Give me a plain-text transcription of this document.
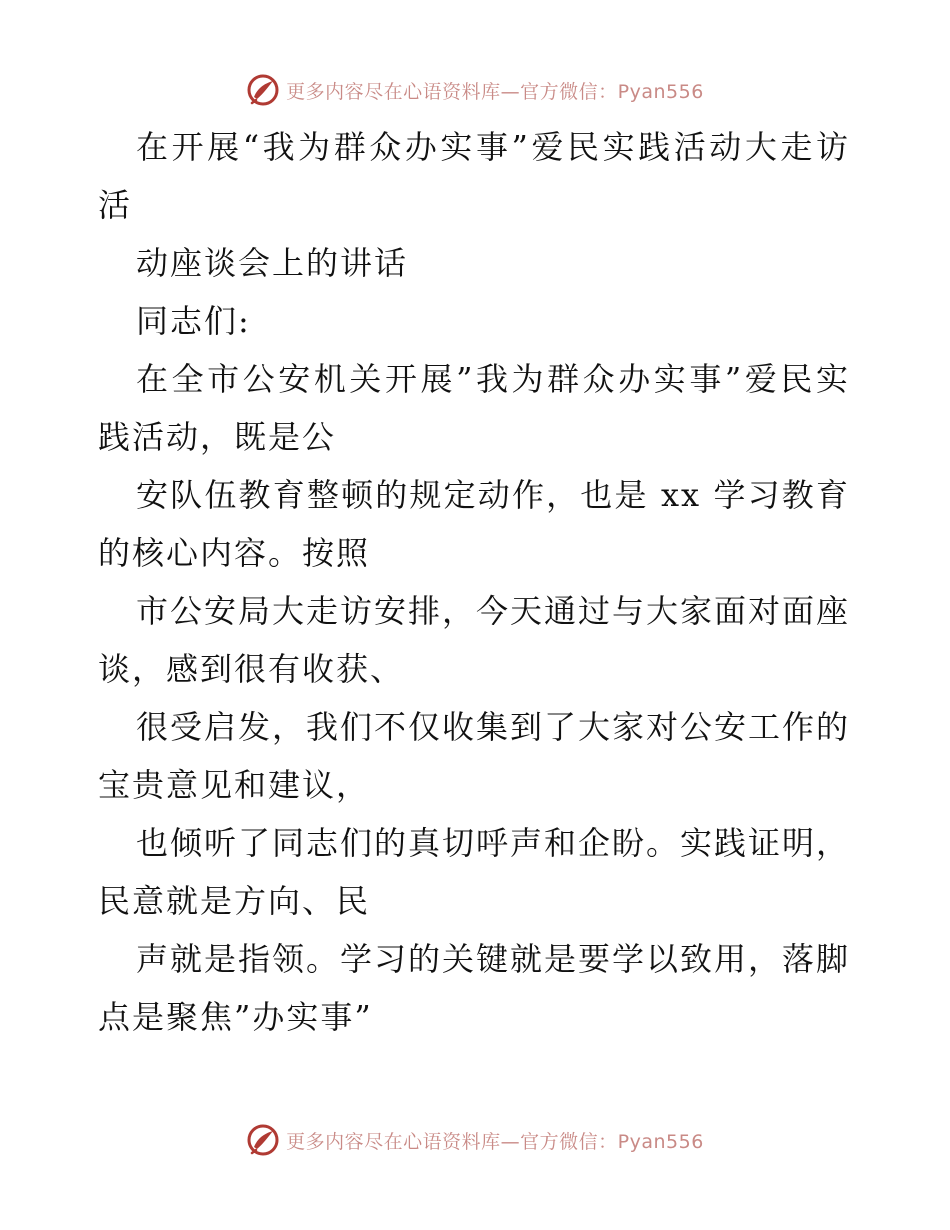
更多内容尽在心语资料库—官方微信：Pyan556

在开展“我为群众办实事”爱民实践活动大走访活

动座谈会上的讲话

同志们:

在全市公安机关开展”我为群众办实事”爱民实践活动，既是公

安队伍教育整顿的规定动作，也是 xx 学习教育的核心内容。按照

市公安局大走访安排，今天通过与大家面对面座谈，感到很有收获、

很受启发，我们不仅收集到了大家对公安工作的宝贵意见和建议，

也倾听了同志们的真切呼声和企盼。实践证明，民意就是方向、民

声就是指领。学习的关键就是要学以致用，落脚点是聚焦”办实事”

更多内容尽在心语资料库—官方微信：Pyan556
